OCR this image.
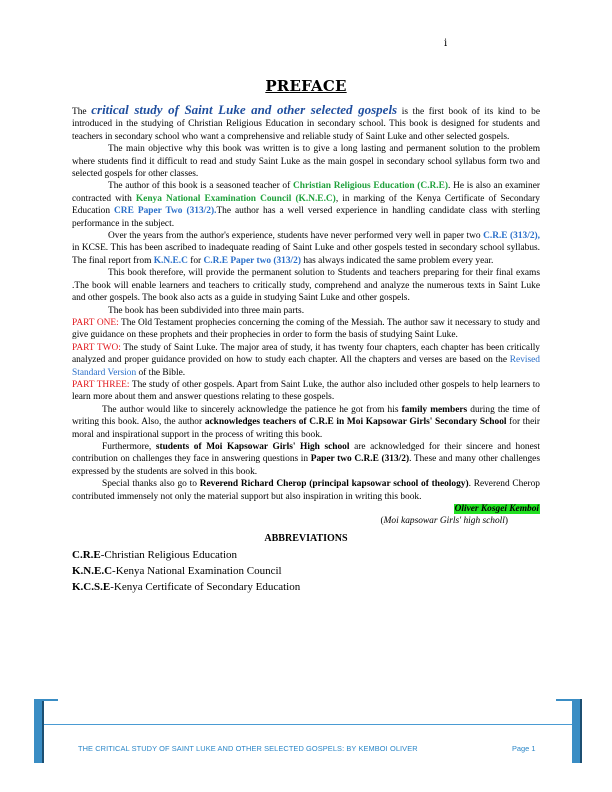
i
PREFACE

The critical study of Saint Luke and other selected gospels is the first book of its kind to be introduced in the studying of Christian Religious Education in secondary school. This book is designed for students and teachers in secondary school who want a comprehensive and reliable study of Saint Luke and other selected gospels.

The main objective why this book was written is to give a long lasting and permanent solution to the problem where students find it difficult to read and study Saint Luke as the main gospel in secondary school syllabus form two and selected gospels for other classes.

The author of this book is a seasoned teacher of Christian Religious Education (C.R.E). He is also an examiner contracted with Kenya National Examination Council (K.N.E.C), in marking of the Kenya Certificate of Secondary Education CRE Paper Two (313/2).The author has a well versed experience in handling candidate class with sterling performance in the subject.

Over the years from the author's experience, students have never performed very well in paper two C.R.E (313/2), in KCSE. This has been ascribed to inadequate reading of Saint Luke and other gospels tested in secondary school syllabus. The final report from K.N.E.C for C.R.E Paper two (313/2) has always indicated the same problem every year.

This book therefore, will provide the permanent solution to Students and teachers preparing for their final exams .The book will enable learners and teachers to critically study, comprehend and analyze the numerous texts in Saint Luke and other gospels. The book also acts as a guide in studying Saint Luke and other gospels.

The book has been subdivided into three main parts.

PART ONE: The Old Testament prophecies concerning the coming of the Messiah. The author saw it necessary to study and give guidance on these prophets and their prophecies in order to form the basis of studying Saint Luke.

PART TWO: The study of Saint Luke. The major area of study, it has twenty four chapters, each chapter has been critically analyzed and proper guidance provided on how to study each chapter. All the chapters and verses are based on the Revised Standard Version of the Bible.

PART THREE: The study of other gospels. Apart from Saint Luke, the author also included other gospels to help learners to learn more about them and answer questions relating to these gospels.

The author would like to sincerely acknowledge the patience he got from his family members during the time of writing this book. Also, the author acknowledges teachers of C.R.E in Moi Kapsowar Girls' Secondary School for their moral and inspirational support in the process of writing this book.

Furthermore, students of Moi Kapsowar Girls' High school are acknowledged for their sincere and honest contribution on challenges they face in answering questions in Paper two C.R.E (313/2). These and many other challenges expressed by the students are solved in this book.

Special thanks also go to Reverend Richard Cherop (principal kapsowar school of theology). Reverend Cherop contributed immensely not only the material support but also inspiration in writing this book.

Oliver Kosgei Kemboi

(Moi kapsowar Girls' high scholl)

ABBREVIATIONS
C.R.E-Christian Religious Education
K.N.E.C-Kenya National Examination Council
K.C.S.E-Kenya Certificate of Secondary Education
THE CRITICAL STUDY OF SAINT LUKE AND OTHER SELECTED GOSPELS: BY KEMBOI OLIVER	Page 1
